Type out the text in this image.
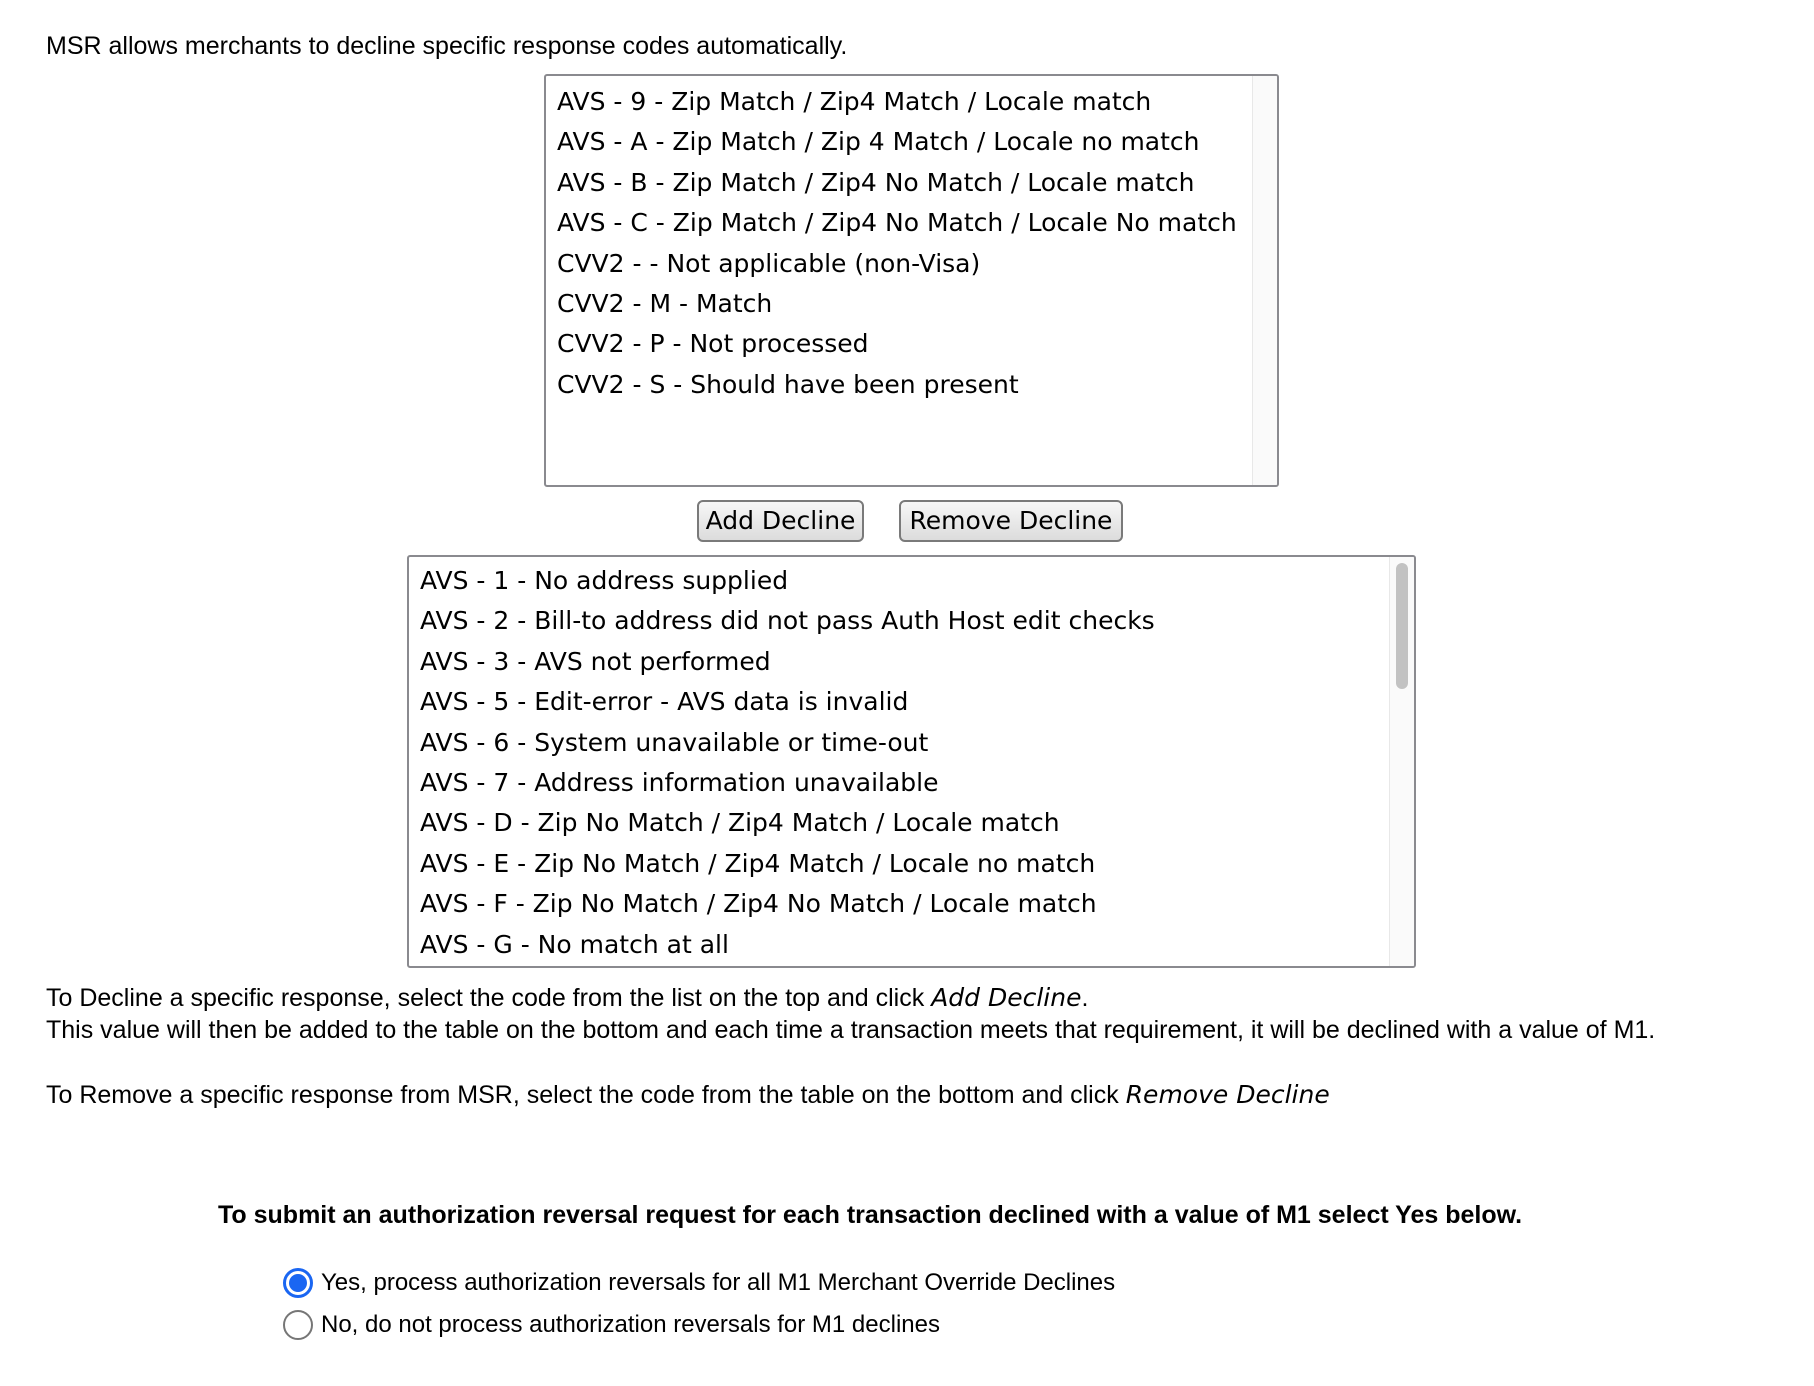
MSR allows merchants to decline specific response codes automatically.

AVS - 9 - Zip Match / Zip4 Match / Locale match
AVS - A - Zip Match / Zip 4 Match / Locale no match
AVS - B - Zip Match / Zip4 No Match / Locale match
AVS - C - Zip Match / Zip4 No Match / Locale No match
CVV2 - - Not applicable (non-Visa)
CVV2 - M - Match
CVV2 - P - Not processed
CVV2 - S - Should have been present
Add Decline	Remove Decline
AVS - 1 - No address supplied
AVS - 2 - Bill-to address did not pass Auth Host edit checks
AVS - 3 - AVS not performed
AVS - 5 - Edit-error - AVS data is invalid
AVS - 6 - System unavailable or time-out
AVS - 7 - Address information unavailable
AVS - D - Zip No Match / Zip4 Match / Locale match
AVS - E - Zip No Match / Zip4 Match / Locale no match
AVS - F - Zip No Match / Zip4 No Match / Locale match
AVS - G - No match at all

To Decline a specific response, select the code from the list on the top and click Add Decline.

This value will then be added to the table on the bottom and each time a transaction meets that requirement, it will be declined with a value of M1.

To Remove a specific response from MSR, select the code from the table on the bottom and click Remove Decline

To submit an authorization reversal request for each transaction declined with a value of M1 select Yes below.

Yes, process authorization reversals for all M1 Merchant Override Declines
No, do not process authorization reversals for M1 declines
